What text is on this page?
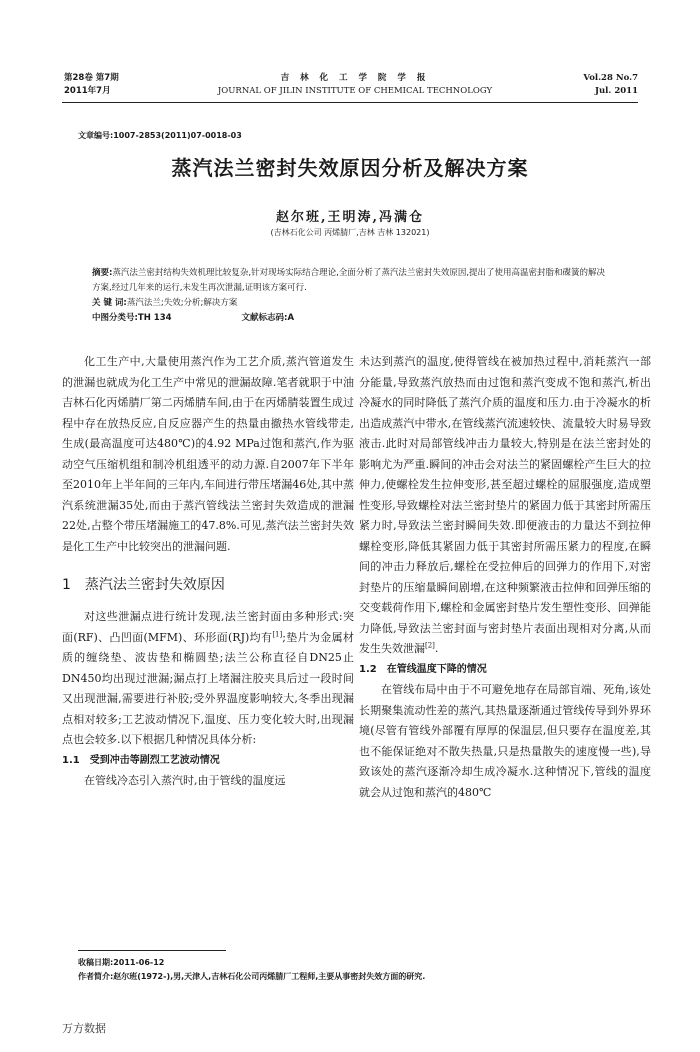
第28卷 第7期
2011年7月
吉 林 化 工 学 院 学 报
JOURNAL OF JILIN INSTITUTE OF CHEMICAL TECHNOLOGY
Vol.28 No.7
Jul. 2011
文章编号:1007-2853(2011)07-0018-03
蒸汽法兰密封失效原因分析及解决方案
赵尔班,王明涛,冯满仓
(吉林石化公司 丙烯腈厂,吉林 吉林 132021)
摘要:蒸汽法兰密封结构失效机理比较复杂,针对现场实际结合理论,全面分析了蒸汽法兰密封失效原因,提出了使用高温密封脂和碟簧的解决方案,经过几年来的运行,未发生再次泄漏,证明该方案可行.
关 键 词:蒸汽法兰;失效;分析;解决方案
中图分类号:TH 134	文献标志码:A

化工生产中,大量使用蒸汽作为工艺介质,蒸汽管道发生的泄漏也就成为化工生产中常见的泄漏故障.笔者就职于中油吉林石化丙烯腈厂第二丙烯腈车间,由于在丙烯腈装置生成过程中存在放热反应,自反应器产生的热量由撤热水管线带走,生成(最高温度可达480℃)的4.92 MPa过饱和蒸汽,作为驱动空气压缩机组和制冷机组透平的动力源.自2007年下半年至2010年上半年间的三年内,车间进行带压堵漏46处,其中蒸汽系统泄漏35处,而由于蒸汽管线法兰密封失效造成的泄漏22处,占整个带压堵漏施工的47.8%.可见,蒸汽法兰密封失效是化工生产中比较突出的泄漏问题.

1 蒸汽法兰密封失效原因

对这些泄漏点进行统计发现,法兰密封面由多种形式:突面(RF)、凸凹面(MFM)、环形面(RJ)均有[1];垫片为金属材质的缠绕垫、波齿垫和椭圆垫;法兰公称直径自DN25止DN450均出现过泄漏;漏点打上堵漏注胶夹具后过一段时间又出现泄漏,需要进行补胶;受外界温度影响较大,冬季出现漏点相对较多;工艺波动情况下,温度、压力变化较大时,出现漏点也会较多.以下根据几种情况具体分析:

1.1 受到冲击等剧烈工艺波动情况

在管线冷态引入蒸汽时,由于管线的温度远

未达到蒸汽的温度,使得管线在被加热过程中,消耗蒸汽一部分能量,导致蒸汽放热而由过饱和蒸汽变成不饱和蒸汽,析出冷凝水的同时降低了蒸汽介质的温度和压力.由于冷凝水的析出造成蒸汽中带水,在管线蒸汽流速较快、流量较大时易导致液击.此时对局部管线冲击力量较大,特别是在法兰密封处的影响尤为严重.瞬间的冲击会对法兰的紧固螺栓产生巨大的拉伸力,使螺栓发生拉伸变形,甚至超过螺栓的屈服强度,造成塑性变形,导致螺栓对法兰密封垫片的紧固力低于其密封所需压紧力时,导致法兰密封瞬间失效.即便液击的力量达不到拉伸螺栓变形,降低其紧固力低于其密封所需压紧力的程度,在瞬间的冲击力释放后,螺栓在受拉伸后的回弹力的作用下,对密封垫片的压缩量瞬间剧增,在这种频繁液击拉伸和回弹压缩的交变载荷作用下,螺栓和金属密封垫片发生塑性变形、回弹能力降低,导致法兰密封面与密封垫片表面出现相对分离,从而发生失效泄漏[2].

1.2 在管线温度下降的情况

在管线布局中由于不可避免地存在局部盲端、死角,该处长期聚集流动性差的蒸汽,其热量逐渐通过管线传导到外界环境(尽管有管线外部覆有厚厚的保温层,但只要存在温度差,其也不能保证绝对不散失热量,只是热量散失的速度慢一些),导致该处的蒸汽逐渐冷却生成冷凝水.这种情况下,管线的温度就会从过饱和蒸汽的480℃

收稿日期:2011-06-12
作者简介:赵尔班(1972-),男,天津人,吉林石化公司丙烯腈厂工程师,主要从事密封失效方面的研究.
万方数据
